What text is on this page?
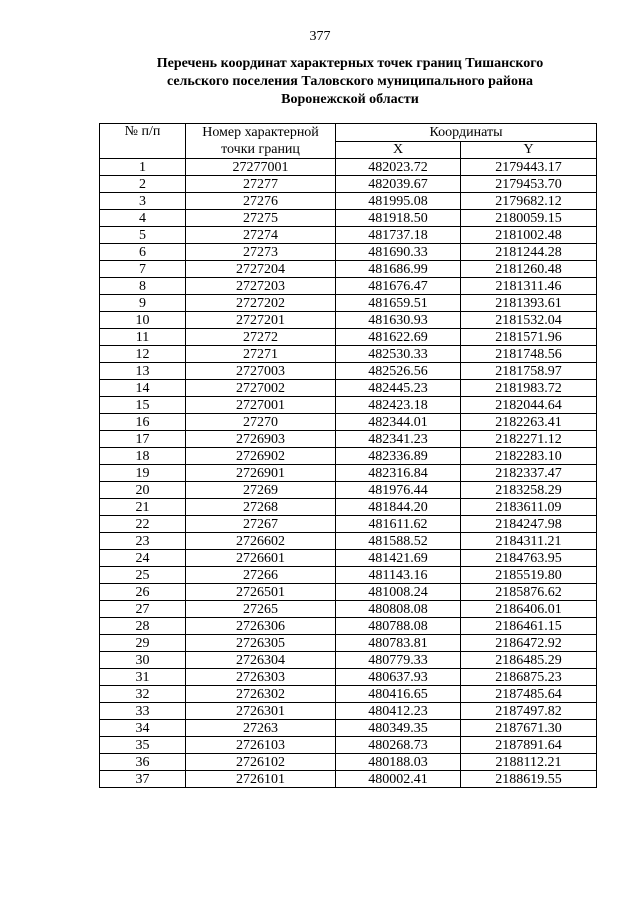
377
Перечень координат характерных точек границ Тишанского
сельского поселения Таловского муниципального района
Воронежской области
№ п/п	Номер характерной точки границ	Координаты	
		X	Y
1	27277001	482023.72	2179443.17
2	27277	482039.67	2179453.70
3	27276	481995.08	2179682.12
4	27275	481918.50	2180059.15
5	27274	481737.18	2181002.48
6	27273	481690.33	2181244.28
7	2727204	481686.99	2181260.48
8	2727203	481676.47	2181311.46
9	2727202	481659.51	2181393.61
10	2727201	481630.93	2181532.04
11	27272	481622.69	2181571.96
12	27271	482530.33	2181748.56
13	2727003	482526.56	2181758.97
14	2727002	482445.23	2181983.72
15	2727001	482423.18	2182044.64
16	27270	482344.01	2182263.41
17	2726903	482341.23	2182271.12
18	2726902	482336.89	2182283.10
19	2726901	482316.84	2182337.47
20	27269	481976.44	2183258.29
21	27268	481844.20	2183611.09
22	27267	481611.62	2184247.98
23	2726602	481588.52	2184311.21
24	2726601	481421.69	2184763.95
25	27266	481143.16	2185519.80
26	2726501	481008.24	2185876.62
27	27265	480808.08	2186406.01
28	2726306	480788.08	2186461.15
29	2726305	480783.81	2186472.92
30	2726304	480779.33	2186485.29
31	2726303	480637.93	2186875.23
32	2726302	480416.65	2187485.64
33	2726301	480412.23	2187497.82
34	27263	480349.35	2187671.30
35	2726103	480268.73	2187891.64
36	2726102	480188.03	2188112.21
37	2726101	480002.41	2188619.55
